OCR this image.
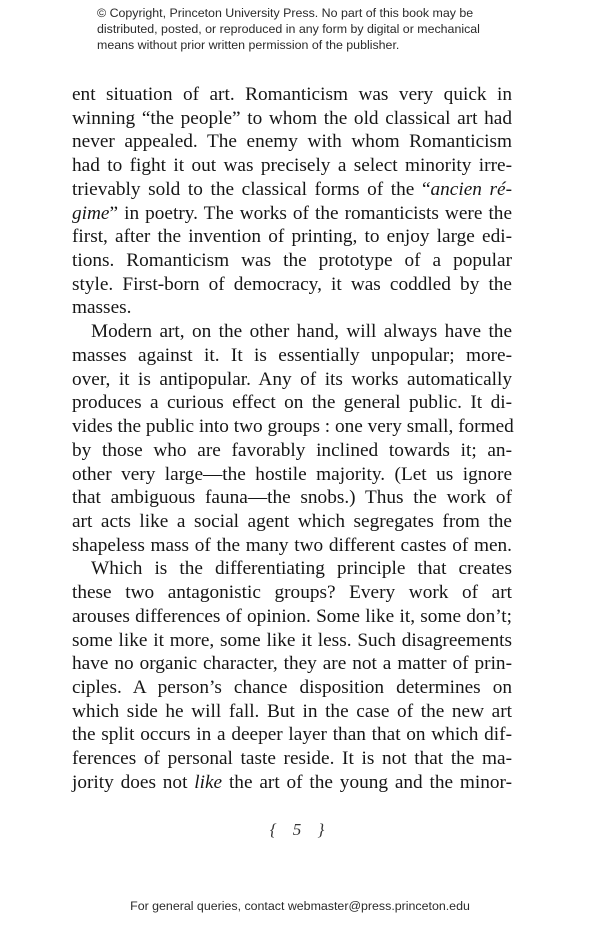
© Copyright, Princeton University Press. No part of this book may be
distributed, posted, or reproduced in any form by digital or mechanical
means without prior written permission of the publisher.
ent situation of art. Romanticism was very quick in
winning “the people” to whom the old classical art had
never appealed. The enemy with whom Romanticism
had to fight it out was precisely a select minority irre-
trievably sold to the classical forms of the “ancien ré-
gime” in poetry. The works of the romanticists were the
first, after the invention of printing, to enjoy large edi-
tions. Romanticism was the prototype of a popular
style. First-born of democracy, it was coddled by the
masses.
Modern art, on the other hand, will always have the
masses against it. It is essentially unpopular; more-
over, it is antipopular. Any of its works automatically
produces a curious effect on the general public. It di-
vides the public into two groups : one very small, formed
by those who are favorably inclined towards it; an-
other very large—the hostile majority. (Let us ignore
that ambiguous fauna—the snobs.) Thus the work of
art acts like a social agent which segregates from the
shapeless mass of the many two different castes of men.
Which is the differentiating principle that creates
these two antagonistic groups? Every work of art
arouses differences of opinion. Some like it, some don’t;
some like it more, some like it less. Such disagreements
have no organic character, they are not a matter of prin-
ciples. A person’s chance disposition determines on
which side he will fall. But in the case of the new art
the split occurs in a deeper layer than that on which dif-
ferences of personal taste reside. It is not that the ma-
jority does not like the art of the young and the minor-
{ 5 }
For general queries, contact webmaster@press.princeton.edu
